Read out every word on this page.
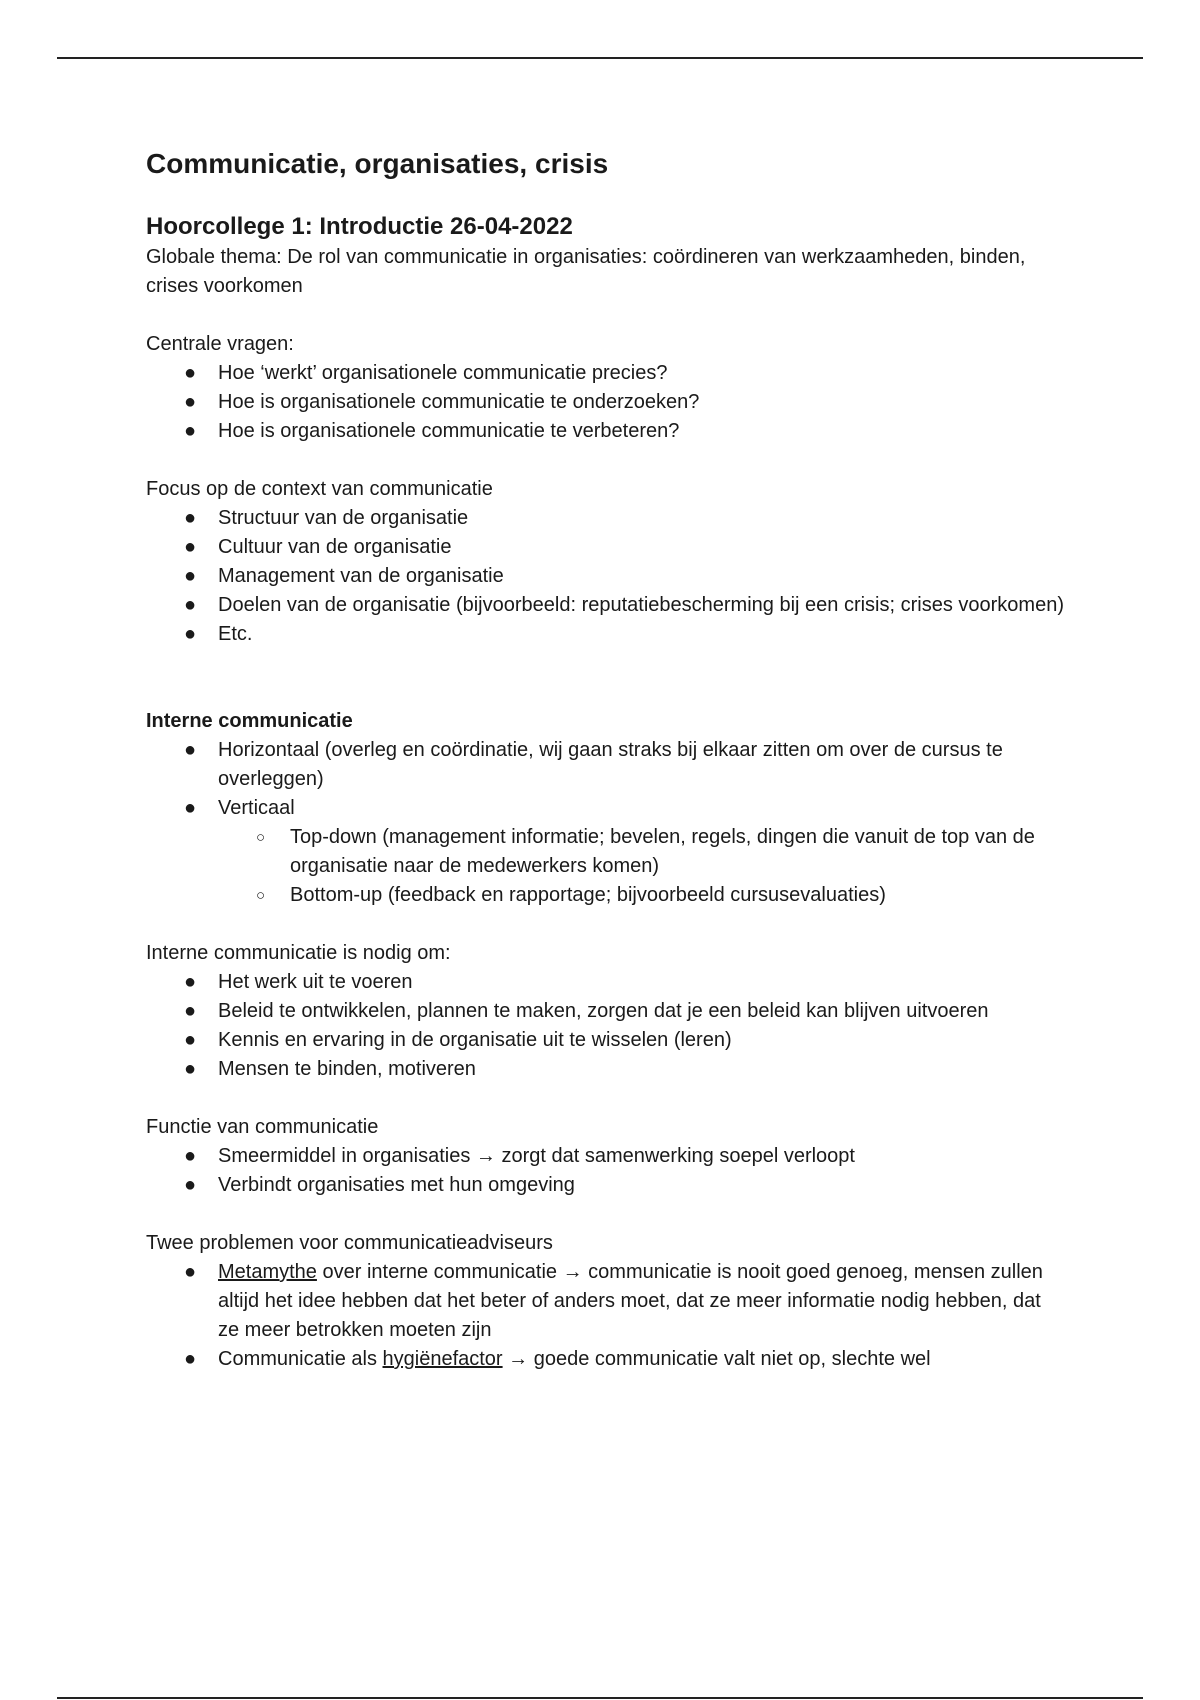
Communicatie, organisaties, crisis
Hoorcollege 1: Introductie 26-04-2022

Globale thema: De rol van communicatie in organisaties: coördineren van werkzaamheden, binden, crises voorkomen

Centrale vragen:

● Hoe ‘werkt’ organisationele communicatie precies?
● Hoe is organisationele communicatie te onderzoeken?
● Hoe is organisationele communicatie te verbeteren?

Focus op de context van communicatie

● Structuur van de organisatie
● Cultuur van de organisatie
● Management van de organisatie
● Doelen van de organisatie (bijvoorbeeld: reputatiebescherming bij een crisis; crises voorkomen)
● Etc.

Interne communicatie

● Horizontaal (overleg en coördinatie, wij gaan straks bij elkaar zitten om over de cursus te overleggen)
● Verticaal
○ Top-down (management informatie; bevelen, regels, dingen die vanuit de top van de organisatie naar de medewerkers komen)
○ Bottom-up (feedback en rapportage; bijvoorbeeld cursusevaluaties)

Interne communicatie is nodig om:

● Het werk uit te voeren
● Beleid te ontwikkelen, plannen te maken, zorgen dat je een beleid kan blijven uitvoeren
● Kennis en ervaring in de organisatie uit te wisselen (leren)
● Mensen te binden, motiveren

Functie van communicatie

● Smeermiddel in organisaties → zorgt dat samenwerking soepel verloopt
● Verbindt organisaties met hun omgeving

Twee problemen voor communicatieadviseurs

● Metamythe over interne communicatie → communicatie is nooit goed genoeg, mensen zullen altijd het idee hebben dat het beter of anders moet, dat ze meer informatie nodig hebben, dat ze meer betrokken moeten zijn
● Communicatie als hygiënefactor → goede communicatie valt niet op, slechte wel
